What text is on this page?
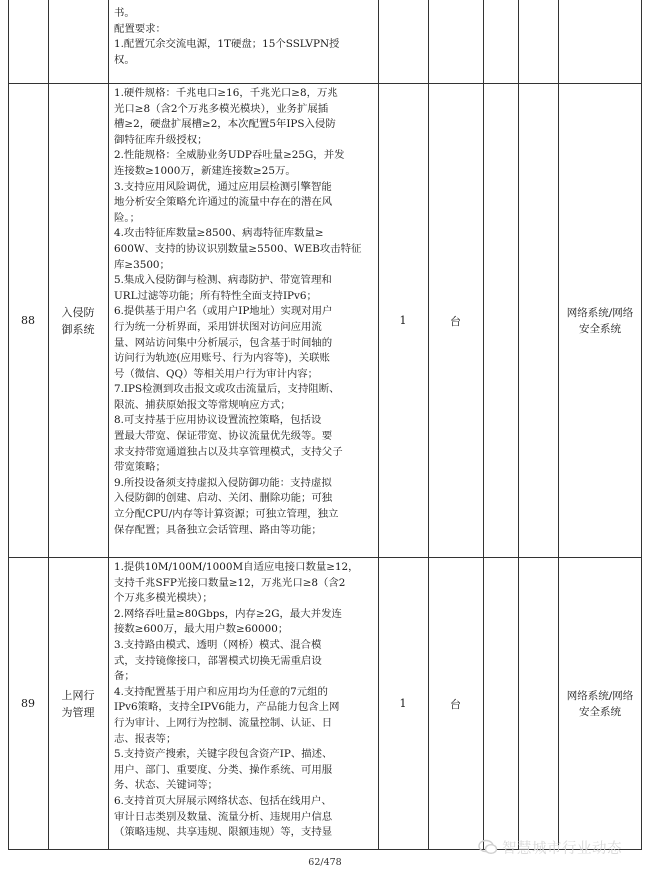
书。

配置要求：

1.配置冗余交流电源，1T硬盘；15个SSLVPN授

权。

88
入侵防御系统

1.硬件规格：千兆电口≥16，千兆光口≥8，万兆

光口≥8（含2个万兆多模光模块），业务扩展插

槽≥2，硬盘扩展槽≥2，本次配置5年IPS入侵防

御特征库升级授权；

2.性能规格：全威胁业务UDP吞吐量≥25G，并发

连接数≥1000万，新建连接数≥25万。

3.支持应用风险调优，通过应用层检测引擎智能

地分析安全策略允许通过的流量中存在的潜在风

险。；

4.攻击特征库数量≥8500、病毒特征库数量≥

600W、支持的协议识别数量≥5500、WEB攻击特征

库≥3500；

5.集成入侵防御与检测、病毒防护、带宽管理和

URL过滤等功能；所有特性全面支持IPv6；

6.提供基于用户名（或用户IP地址）实现对用户

行为统一分析界面，采用饼状图对访问应用流

量、网站访问集中分析展示，包含基于时间轴的

访问行为轨迹(应用账号、行为内容等)，关联账

号（微信、QQ）等相关用户行为审计内容；

7.IPS检测到攻击报文或攻击流量后，支持阻断、

限流、捕获原始报文等常规响应方式；

8.可支持基于应用协议设置流控策略，包括设

置最大带宽、保证带宽、协议流量优先级等。要

求支持带宽通道独占以及共享管理模式，支持父子

带宽策略；

9.所投设备须支持虚拟入侵防御功能：支持虚拟

入侵防御的创建、启动、关闭、删除功能；可独

立分配CPU/内存等计算资源；可独立管理，独立

保存配置；具备独立会话管理、路由等功能；

1	台
网络系统/网络安全系统
89
上网行为管理

1.提供10M/100M/1000M自适应电接口数量≥12，

支持千兆SFP光接口数量≥12，万兆光口≥8（含2

个万兆多模光模块）；

2.网络吞吐量≥80Gbps，内存≥2G，最大并发连

接数≥600万，最大用户数≥60000；

3.支持路由模式、透明（网桥）模式、混合模

式，支持镜像接口，部署模式切换无需重启设

备；

4.支持配置基于用户和应用均为任意的7元组的

IPv6策略，支持全IPV6能力，产品能力包含上网

行为审计、上网行为控制、流量控制、认证、日

志、报表等；

5.支持资产搜索，关键字段包含资产IP、描述、

用户、部门、重要度、分类、操作系统、可用服

务、状态、关键词等；

6.支持首页大屏展示网络状态、包括在线用户、

审计日志类别及数量、流量分析、违规用户信息

（策略违规、共享违规、限额违规）等，支持显

1	台
网络系统/网络安全系统
62/478
智慧城市行业动态
